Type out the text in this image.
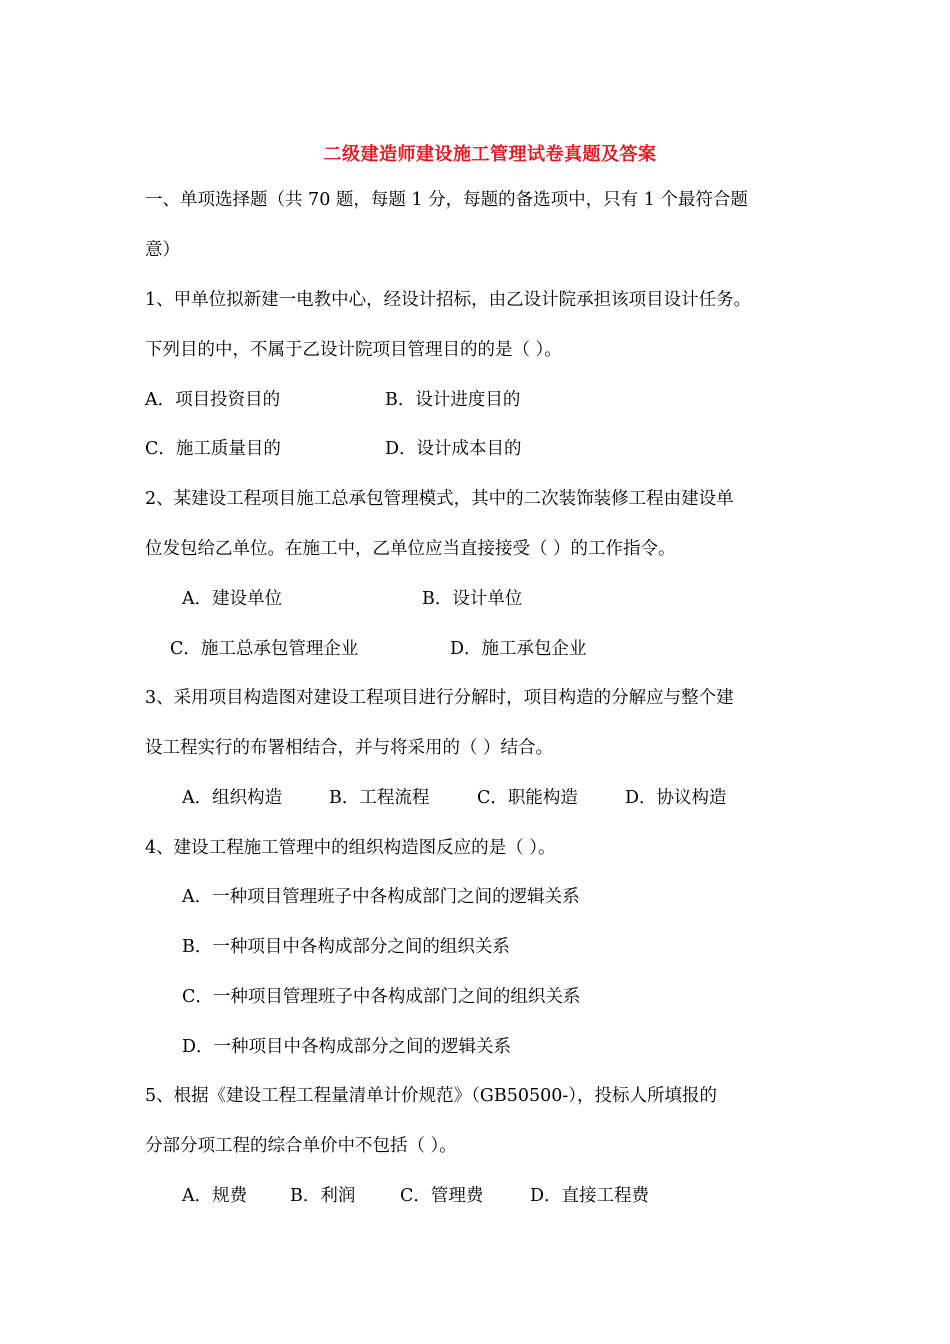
二级建造师建设施工管理试卷真题及答案
一、单项选择题（共 70 题，每题 1 分，每题的备选项中，只有 1 个最符合题
意）
1、甲单位拟新建一电教中心，经设计招标，由乙设计院承担该项目设计任务。
下列目的中，不属于乙设计院项目管理目的的是（ ）。
A．项目投资目的	B．设计进度目的
C．施工质量目的	D．设计成本目的
2、某建设工程项目施工总承包管理模式，其中的二次装饰装修工程由建设单
位发包给乙单位。在施工中，乙单位应当直接接受（ ）的工作指令。
A．建设单位	B．设计单位
C．施工总承包管理企业	D．施工承包企业
3、采用项目构造图对建设工程项目进行分解时，项目构造的分解应与整个建
设工程实行的布署相结合，并与将采用的（ ）结合。
A．组织构造	B．工程流程	C．职能构造	D．协议构造
4、建设工程施工管理中的组织构造图反应的是（ ）。
A．一种项目管理班子中各构成部门之间的逻辑关系
B．一种项目中各构成部分之间的组织关系
C．一种项目管理班子中各构成部门之间的组织关系
D．一种项目中各构成部分之间的逻辑关系
5、根据《建设工程工程量清单计价规范》（GB50500-），投标人所填报的
分部分项工程的综合单价中不包括（ ）。
A．规费 B．利润	C．管理费	D．直接工程费
